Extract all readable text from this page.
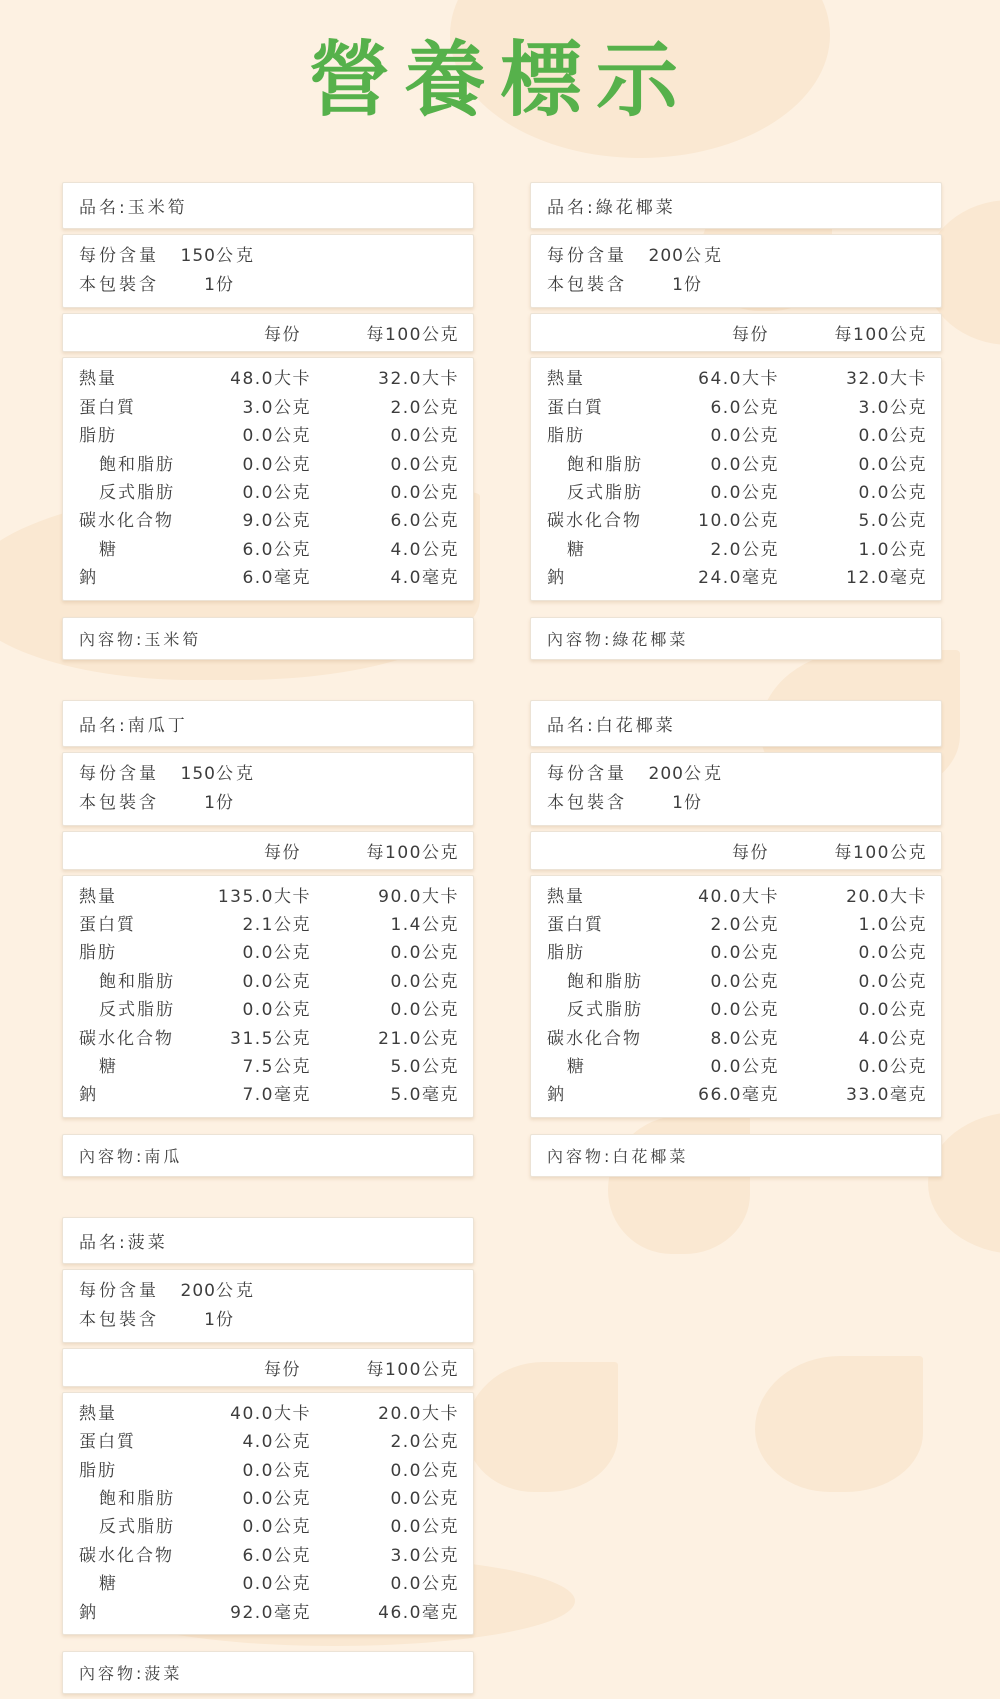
營養標示
品名:玉米筍
每份含量	150 公克
本包裝含	1 份
每份	每100公克
熱量	48.0大卡	32.0大卡
蛋白質	3.0公克	2.0公克
脂肪	0.0公克	0.0公克
飽和脂肪	0.0公克	0.0公克
反式脂肪	0.0公克	0.0公克
碳水化合物	9.0公克	6.0公克
糖	6.0公克	4.0公克
鈉	6.0毫克	4.0毫克
內容物:玉米筍
品名:綠花椰菜
每份含量	200 公克
本包裝含	1 份
每份	每100公克
熱量	64.0大卡	32.0大卡
蛋白質	6.0公克	3.0公克
脂肪	0.0公克	0.0公克
飽和脂肪	0.0公克	0.0公克
反式脂肪	0.0公克	0.0公克
碳水化合物	10.0公克	5.0公克
糖	2.0公克	1.0公克
鈉	24.0毫克	12.0毫克
內容物:綠花椰菜
品名:南瓜丁
每份含量	150 公克
本包裝含	1 份
每份	每100公克
熱量	135.0大卡	90.0大卡
蛋白質	2.1公克	1.4公克
脂肪	0.0公克	0.0公克
飽和脂肪	0.0公克	0.0公克
反式脂肪	0.0公克	0.0公克
碳水化合物	31.5公克	21.0公克
糖	7.5公克	5.0公克
鈉	7.0毫克	5.0毫克
內容物:南瓜
品名:白花椰菜
每份含量	200 公克
本包裝含	1 份
每份	每100公克
熱量	40.0大卡	20.0大卡
蛋白質	2.0公克	1.0公克
脂肪	0.0公克	0.0公克
飽和脂肪	0.0公克	0.0公克
反式脂肪	0.0公克	0.0公克
碳水化合物	8.0公克	4.0公克
糖	0.0公克	0.0公克
鈉	66.0毫克	33.0毫克
內容物:白花椰菜
品名:菠菜
每份含量	200 公克
本包裝含	1 份
每份	每100公克
熱量	40.0大卡	20.0大卡
蛋白質	4.0公克	2.0公克
脂肪	0.0公克	0.0公克
飽和脂肪	0.0公克	0.0公克
反式脂肪	0.0公克	0.0公克
碳水化合物	6.0公克	3.0公克
糖	0.0公克	0.0公克
鈉	92.0毫克	46.0毫克
內容物:菠菜
